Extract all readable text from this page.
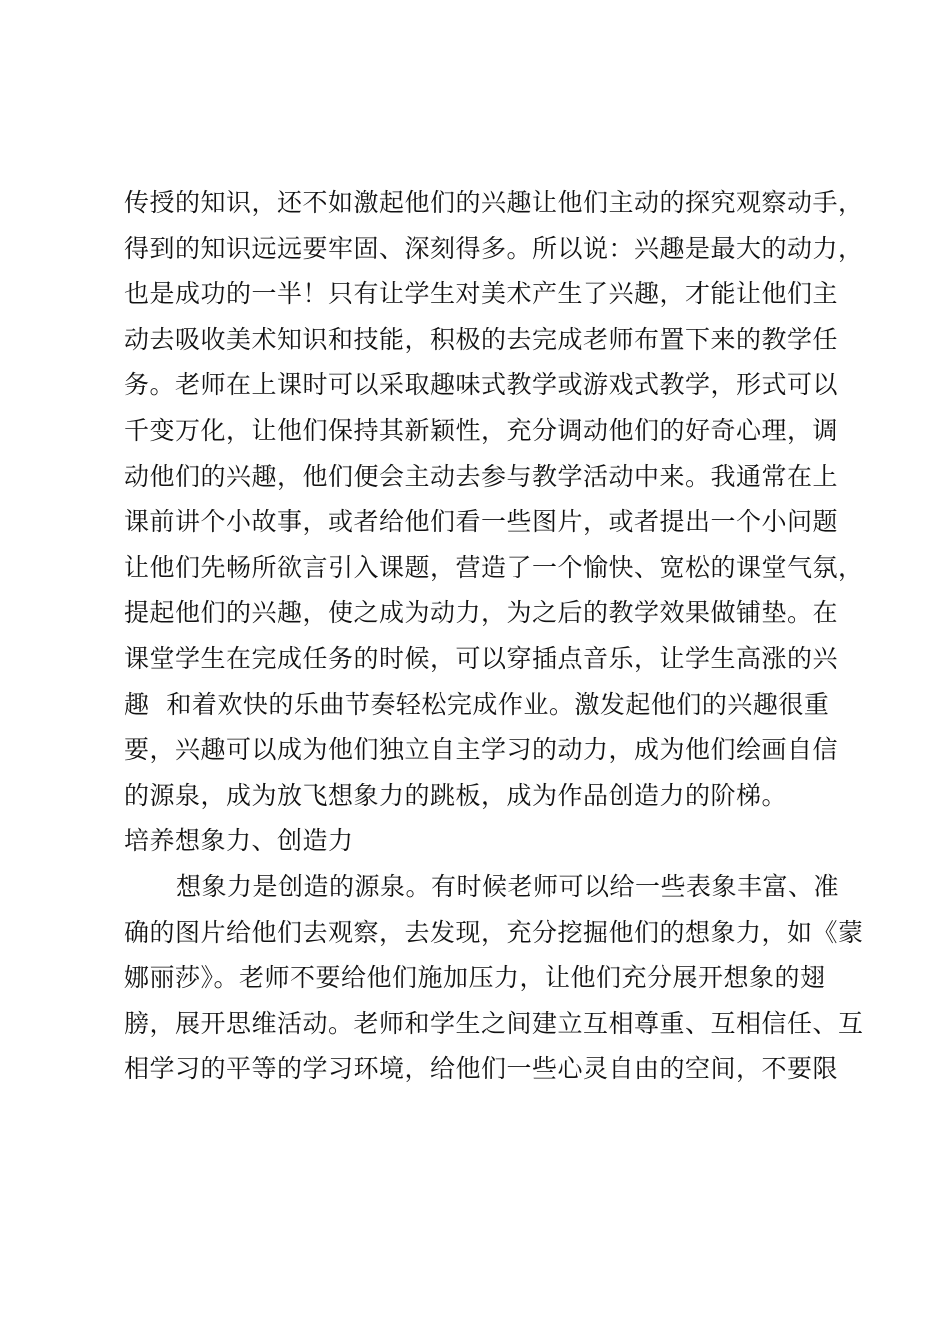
传授的知识，还不如激起他们的兴趣让他们主动的探究观察动手，
得到的知识远远要牢固、深刻得多。所以说：兴趣是最大的动力，
也是成功的一半！只有让学生对美术产生了兴趣，才能让他们主
动去吸收美术知识和技能，积极的去完成老师布置下来的教学任
务。老师在上课时可以采取趣味式教学或游戏式教学，形式可以
千变万化，让他们保持其新颖性，充分调动他们的好奇心理，调
动他们的兴趣，他们便会主动去参与教学活动中来。我通常在上
课前讲个小故事，或者给他们看一些图片，或者提出一个小问题
让他们先畅所欲言引入课题，营造了一个愉快、宽松的课堂气氛，
提起他们的兴趣，使之成为动力，为之后的教学效果做铺垫。在
课堂学生在完成任务的时候，可以穿插点音乐，让学生高涨的兴
趣  和着欢快的乐曲节奏轻松完成作业。激发起他们的兴趣很重
要，兴趣可以成为他们独立自主学习的动力，成为他们绘画自信
的源泉，成为放飞想象力的跳板，成为作品创造力的阶梯。
培养想象力、创造力
想象力是创造的源泉。有时候老师可以给一些表象丰富、准
确的图片给他们去观察，去发现，充分挖掘他们的想象力，如《蒙
娜丽莎》。老师不要给他们施加压力，让他们充分展开想象的翅
膀，展开思维活动。老师和学生之间建立互相尊重、互相信任、互
相学习的平等的学习环境，给他们一些心灵自由的空间，不要限
